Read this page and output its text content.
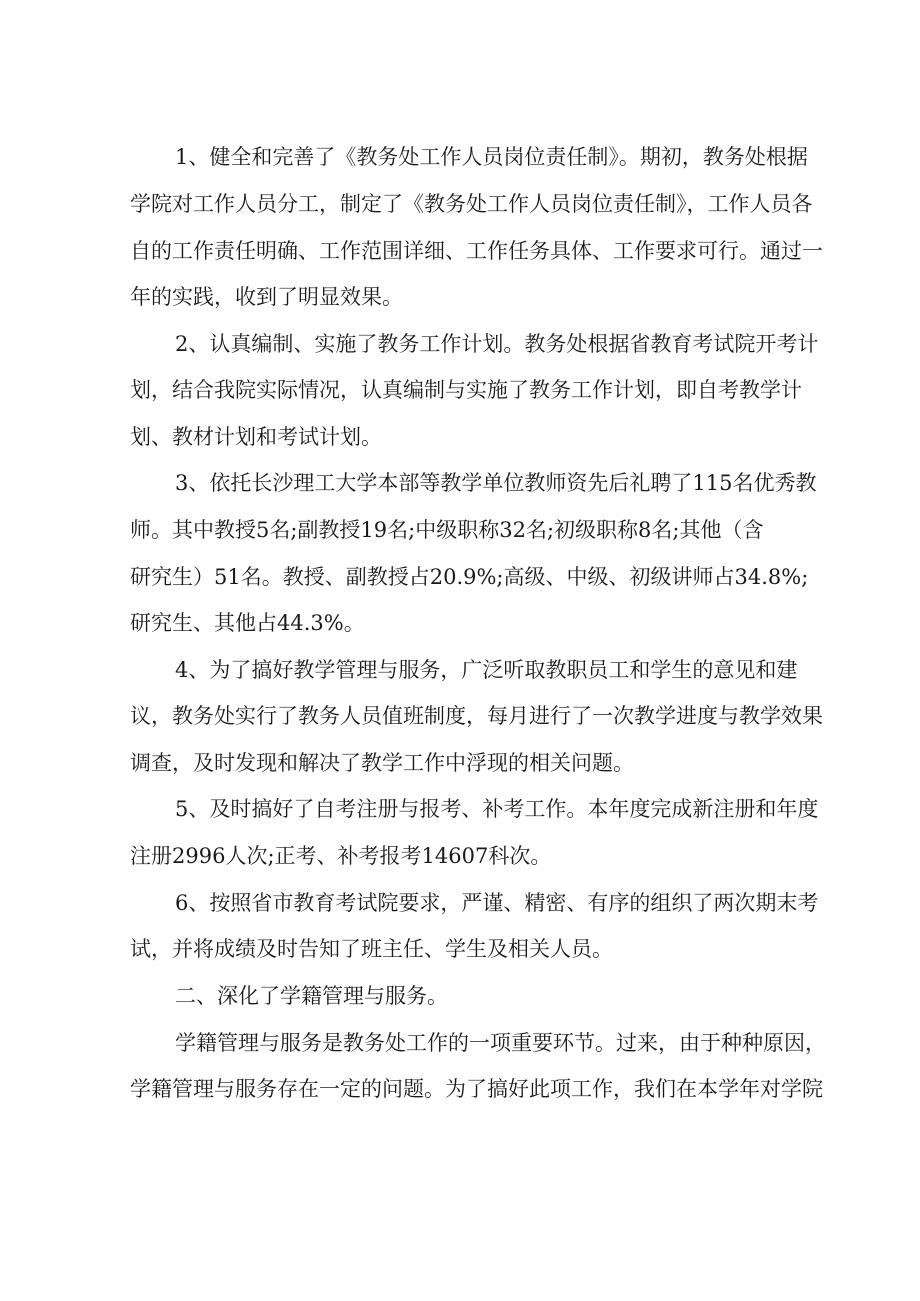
1、健全和完善了《教务处工作人员岗位责任制》。期初，教务处根据
学院对工作人员分工，制定了《教务处工作人员岗位责任制》，工作人员各
自的工作责任明确、工作范围详细、工作任务具体、工作要求可行。通过一
年的实践，收到了明显效果。
2、认真编制、实施了教务工作计划。教务处根据省教育考试院开考计
划，结合我院实际情况，认真编制与实施了教务工作计划，即自考教学计
划、教材计划和考试计划。
3、依托长沙理工大学本部等教学单位教师资先后礼聘了115名优秀教
师。其中教授5名;副教授19名;中级职称32名;初级职称8名;其他（含
研究生）51名。教授、副教授占20.9%;高级、中级、初级讲师占34.8%;
研究生、其他占44.3%。
4、为了搞好教学管理与服务，广泛听取教职员工和学生的意见和建
议，教务处实行了教务人员值班制度，每月进行了一次教学进度与教学效果
调查，及时发现和解决了教学工作中浮现的相关问题。
5、及时搞好了自考注册与报考、补考工作。本年度完成新注册和年度
注册2996人次;正考、补考报考14607科次。
6、按照省市教育考试院要求，严谨、精密、有序的组织了两次期末考
试，并将成绩及时告知了班主任、学生及相关人员。
二、深化了学籍管理与服务。
学籍管理与服务是教务处工作的一项重要环节。过来，由于种种原因，
学籍管理与服务存在一定的问题。为了搞好此项工作，我们在本学年对学院
